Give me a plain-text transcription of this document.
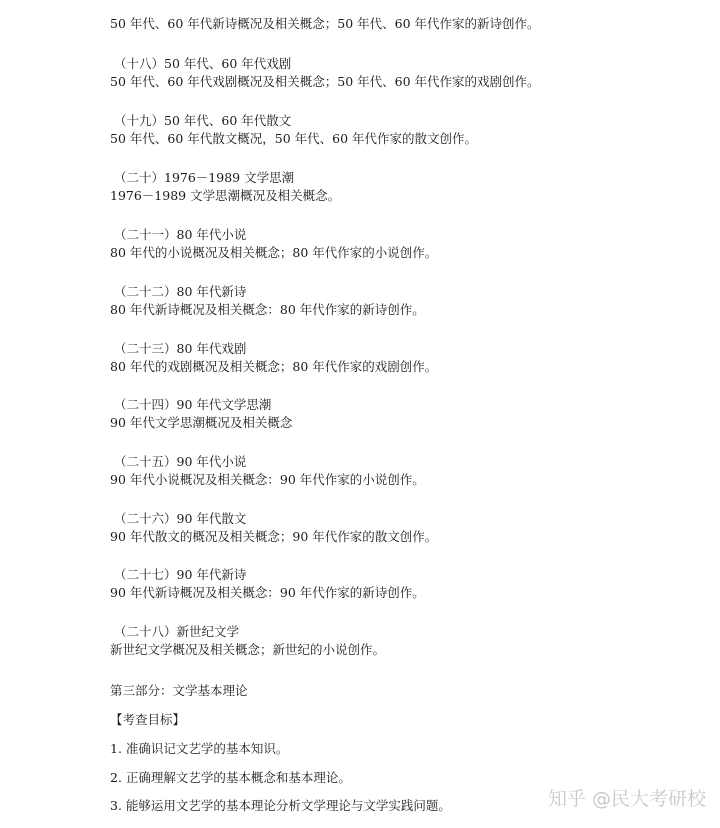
50 年代、60 年代新诗概况及相关概念；50 年代、60 年代作家的新诗创作。
（十八）50 年代、60 年代戏剧
50 年代、60 年代戏剧概况及相关概念；50 年代、60 年代作家的戏剧创作。
（十九）50 年代、60 年代散文
50 年代、60 年代散文概况，50 年代、60 年代作家的散文创作。
（二十）1976－1989 文学思潮
1976－1989 文学思潮概况及相关概念。
（二十一）80 年代小说
80 年代的小说概况及相关概念；80 年代作家的小说创作。
（二十二）80 年代新诗
80 年代新诗概况及相关概念：80 年代作家的新诗创作。
（二十三）80 年代戏剧
80 年代的戏剧概况及相关概念；80 年代作家的戏剧创作。
（二十四）90 年代文学思潮
90 年代文学思潮概况及相关概念
（二十五）90 年代小说
90 年代小说概况及相关概念：90 年代作家的小说创作。
（二十六）90 年代散文
90 年代散文的概况及相关概念；90 年代作家的散文创作。
（二十七）90 年代新诗
90 年代新诗概况及相关概念：90 年代作家的新诗创作。
（二十八）新世纪文学
新世纪文学概况及相关概念；新世纪的小说创作。
第三部分：文学基本理论
【考查目标】
1. 准确识记文艺学的基本知识。
2. 正确理解文艺学的基本概念和基本理论。
3. 能够运用文艺学的基本理论分析文学理论与文学实践问题。	知乎 @民大考研校
